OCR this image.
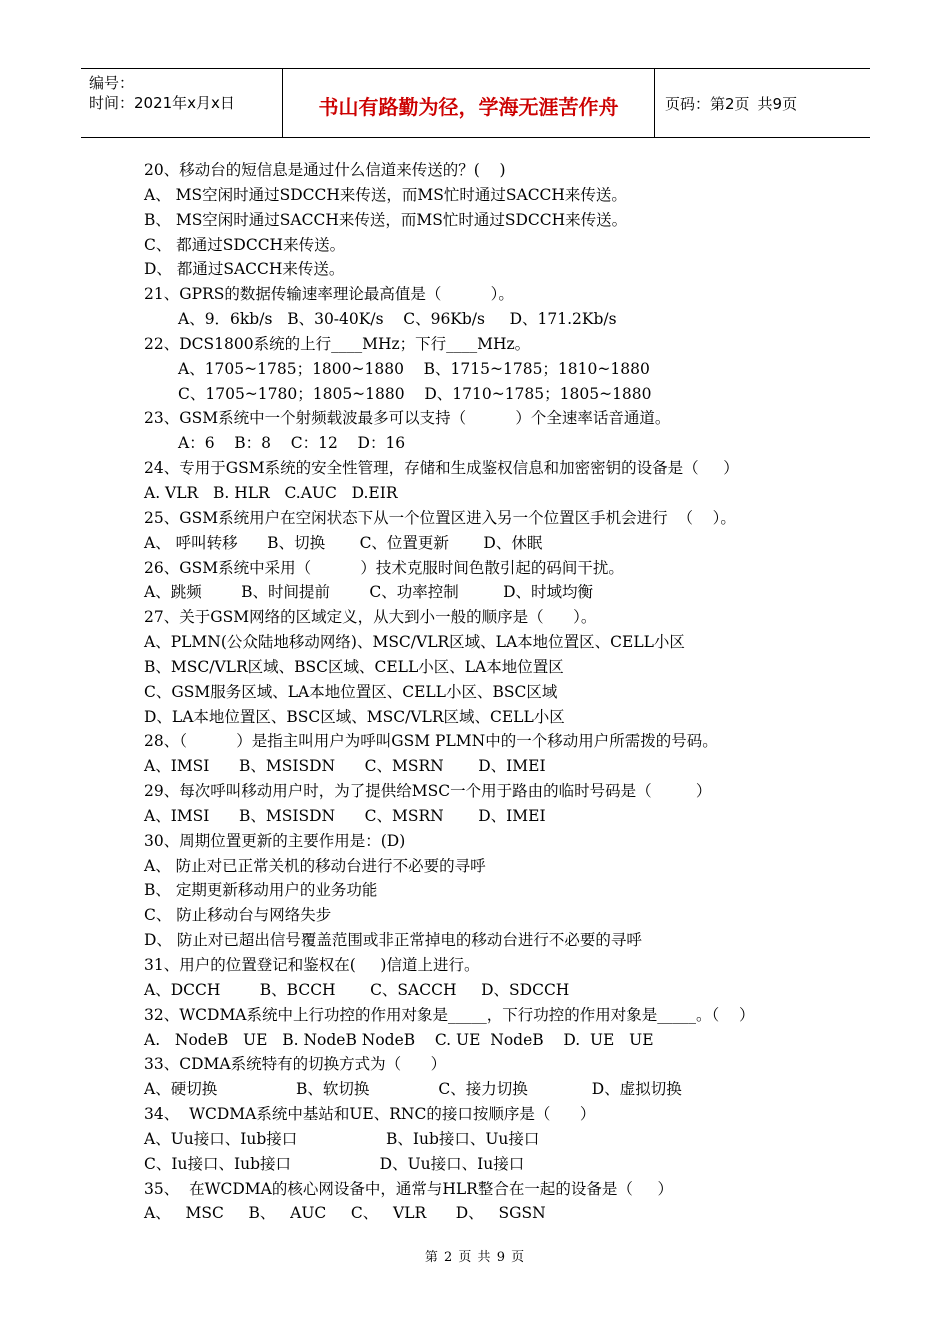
编号：
时间：2021年x月x日	书山有路勤为径，学海无涯苦作舟	页码：第2页 共9页
20、移动台的短信息是通过什么信道来传送的？(    )
A、 MS空闲时通过SDCCH来传送，而MS忙时通过SACCH来传送。
B、 MS空闲时通过SACCH来传送，而MS忙时通过SDCCH来传送。
C、 都通过SDCCH来传送。
D、 都通过SACCH来传送。
21、GPRS的数据传输速率理论最高值是（          ）。
A、9．6kb/s   B、30-40K/s    C、96Kb/s     D、171.2Kb/s
22、DCS1800系统的上行____MHz；下行____MHz。
A、1705~1785；1800~1880    B、1715~1785；1810~1880
C、1705~1780；1805~1880    D、1710~1785；1805~1880
23、GSM系统中一个射频载波最多可以支持（          ）个全速率话音通道。
A：6    B：8    C：12    D：16
24、专用于GSM系统的安全性管理，存储和生成鉴权信息和加密密钥的设备是（     ）
A. VLR   B. HLR   C.AUC   D.EIR
25、GSM系统用户在空闲状态下从一个位置区进入另一个位置区手机会进行  （    ）。
A、 呼叫转移      B、切换       C、位置更新       D、休眠
26、GSM系统中采用（          ）技术克服时间色散引起的码间干扰。
A、跳频        B、时间提前        C、功率控制         D、时域均衡
27、关于GSM网络的区域定义，从大到小一般的顺序是（      ）。
A、PLMN(公众陆地移动网络)、MSC/VLR区域、LA本地位置区、CELL小区
B、MSC/VLR区域、BSC区域、CELL小区、LA本地位置区
C、GSM服务区域、LA本地位置区、CELL小区、BSC区域
D、LA本地位置区、BSC区域、MSC/VLR区域、CELL小区
28、（          ）是指主叫用户为呼叫GSM PLMN中的一个移动用户所需拨的号码。
A、IMSI      B、MSISDN      C、MSRN       D、IMEI
29、每次呼叫移动用户时，为了提供给MSC一个用于路由的临时号码是（         ）
A、IMSI      B、MSISDN      C、MSRN       D、IMEI
30、周期位置更新的主要作用是：(D)
A、 防止对已正常关机的移动台进行不必要的寻呼
B、 定期更新移动用户的业务功能
C、 防止移动台与网络失步
D、 防止对已超出信号覆盖范围或非正常掉电的移动台进行不必要的寻呼
31、用户的位置登记和鉴权在(     )信道上进行。
A、DCCH        B、BCCH       C、SACCH     D、SDCCH
32、WCDMA系统中上行功控的作用对象是_____，下行功控的作用对象是_____。（    ）
A.   NodeB   UE   B. NodeB NodeB    C. UE  NodeB    D.  UE   UE
33、CDMA系统特有的切换方式为（      ）
A、硬切换                B、软切换              C、接力切换             D、虚拟切换
34、  WCDMA系统中基站和UE、RNC的接口按顺序是（      ）
A、Uu接口、Iub接口                  B、Iub接口、Uu接口
C、Iu接口、Iub接口                  D、Uu接口、Iu接口
35、  在WCDMA的核心网设备中，通常与HLR整合在一起的设备是（     ）
A、   MSC     B、   AUC     C、   VLR      D、   SGSN
第 2 页 共 9 页
